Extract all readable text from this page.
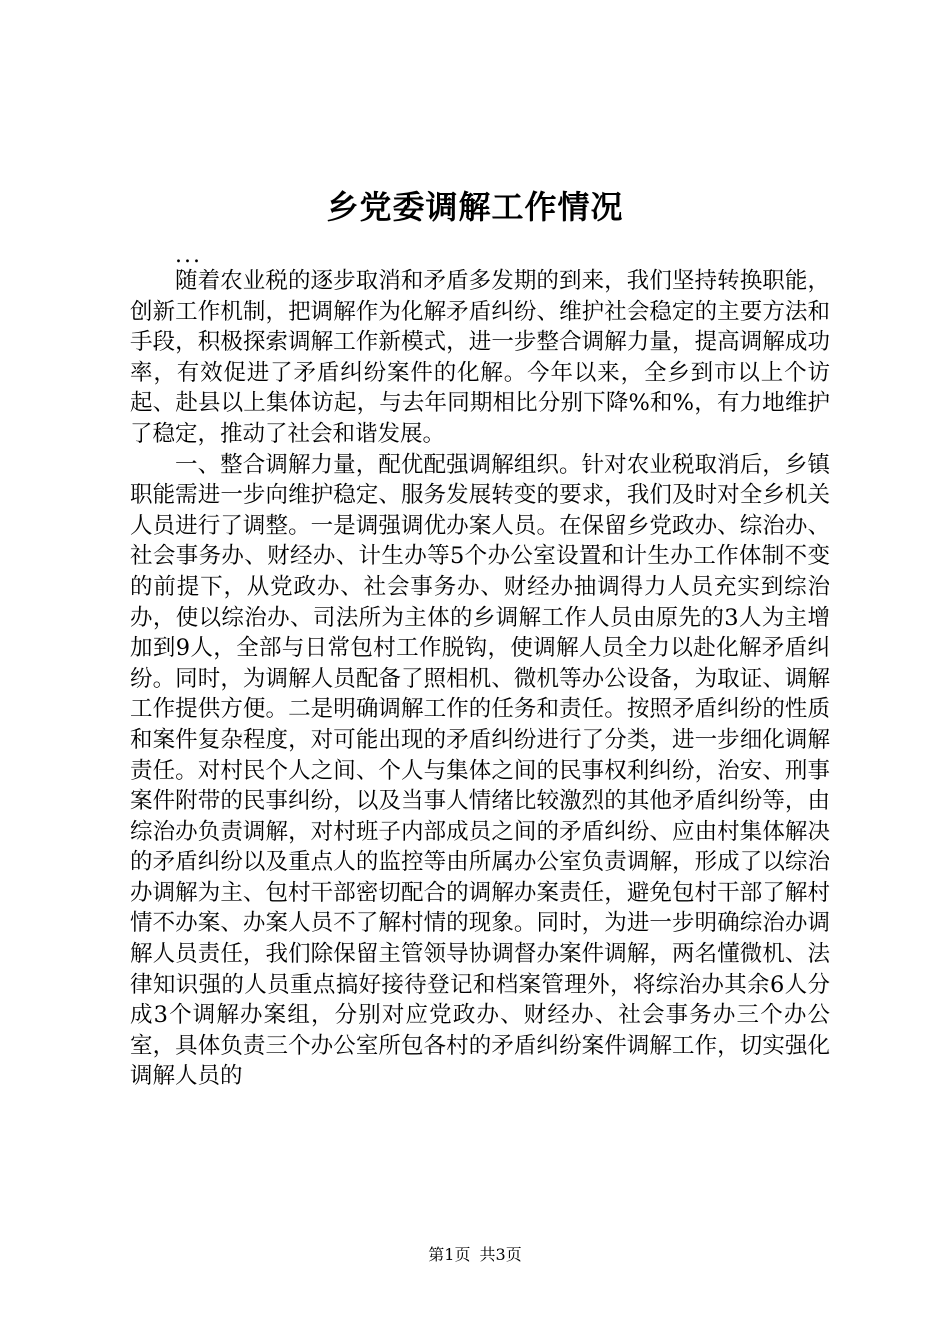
乡党委调解工作情况
...

随着农业税的逐步取消和矛盾多发期的到来，我们坚持转换职能，创新工作机制，把调解作为化解矛盾纠纷、维护社会稳定的主要方法和手段，积极探索调解工作新模式，进一步整合调解力量，提高调解成功率，有效促进了矛盾纠纷案件的化解。今年以来，全乡到市以上个访起、赴县以上集体访起，与去年同期相比分别下降%和%，有力地维护了稳定，推动了社会和谐发展。

一、整合调解力量，配优配强调解组织。针对农业税取消后，乡镇职能需进一步向维护稳定、服务发展转变的要求，我们及时对全乡机关人员进行了调整。一是调强调优办案人员。在保留乡党政办、综治办、社会事务办、财经办、计生办等5个办公室设置和计生办工作体制不变的前提下，从党政办、社会事务办、财经办抽调得力人员充实到综治办，使以综治办、司法所为主体的乡调解工作人员由原先的3人为主增加到9人，全部与日常包村工作脱钩，使调解人员全力以赴化解矛盾纠纷。同时，为调解人员配备了照相机、微机等办公设备，为取证、调解工作提供方便。二是明确调解工作的任务和责任。按照矛盾纠纷的性质和案件复杂程度，对可能出现的矛盾纠纷进行了分类，进一步细化调解责任。对村民个人之间、个人与集体之间的民事权利纠纷，治安、刑事案件附带的民事纠纷，以及当事人情绪比较激烈的其他矛盾纠纷等，由综治办负责调解，对村班子内部成员之间的矛盾纠纷、应由村集体解决的矛盾纠纷以及重点人的监控等由所属办公室负责调解，形成了以综治办调解为主、包村干部密切配合的调解办案责任，避免包村干部了解村情不办案、办案人员不了解村情的现象。同时，为进一步明确综治办调解人员责任，我们除保留主管领导协调督办案件调解，两名懂微机、法律知识强的人员重点搞好接待登记和档案管理外，将综治办其余6人分成3个调解办案组，分别对应党政办、财经办、社会事务办三个办公室，具体负责三个办公室所包各村的矛盾纠纷案件调解工作，切实强化调解人员的

第1页 共3页
